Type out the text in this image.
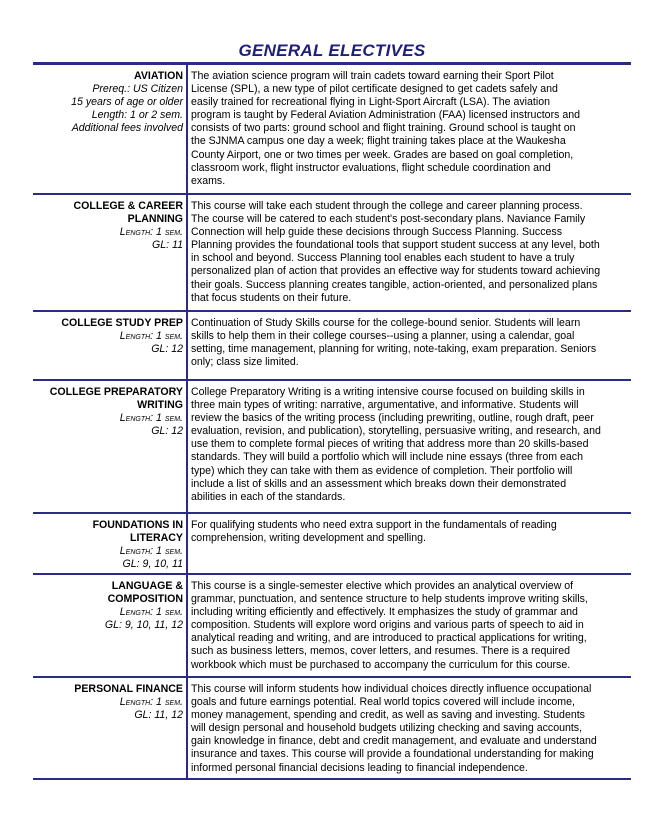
GENERAL ELECTIVES
AVIATION
Prereq.: US Citizen
15 years of age or older
Length: 1 or 2 sem.
Additional fees involved
The aviation science program will train cadets toward earning their Sport Pilot
License (SPL), a new type of pilot certificate designed to get cadets safely and
easily trained for recreational flying in Light-Sport Aircraft (LSA). The aviation
program is taught by Federal Aviation Administration (FAA) licensed instructors and
consists of two parts: ground school and flight training. Ground school is taught on
the SJNMA campus one day a week; flight training takes place at the Waukesha
County Airport, one or two times per week. Grades are based on goal completion,
classroom work, flight instructor evaluations, flight schedule coordination and
exams.
COLLEGE & CAREER
PLANNING
Length: 1 sem.
GL: 11
This course will take each student through the college and career planning process.
The course will be catered to each student's post-secondary plans. Naviance Family
Connection will help guide these decisions through Success Planning. Success
Planning provides the foundational tools that support student success at any level, both
in school and beyond. Success Planning tool enables each student to have a truly
personalized plan of action that provides an effective way for students toward achieving
their goals. Success planning creates tangible, action-oriented, and personalized plans
that focus students on their future.
COLLEGE STUDY PREP
Length: 1 sem.
GL: 12
Continuation of Study Skills course for the college-bound senior. Students will learn
skills to help them in their college courses--using a planner, using a calendar, goal
setting, time management, planning for writing, note-taking, exam preparation. Seniors
only; class size limited.
COLLEGE PREPARATORY
WRITING
Length: 1 sem.
GL: 12
College Preparatory Writing is a writing intensive course focused on building skills in
three main types of writing: narrative, argumentative, and informative. Students will
review the basics of the writing process (including prewriting, outline, rough draft, peer
evaluation, revision, and publication), storytelling, persuasive writing, and research, and
use them to complete formal pieces of writing that address more than 20 skills-based
standards. They will build a portfolio which will include nine essays (three from each
type) which they can take with them as evidence of completion. Their portfolio will
include a list of skills and an assessment which breaks down their demonstrated
abilities in each of the standards.
FOUNDATIONS IN
LITERACY
Length: 1 sem.
GL: 9, 10, 11
For qualifying students who need extra support in the fundamentals of reading
comprehension, writing development and spelling.
LANGUAGE &
COMPOSITION
Length: 1 sem.
GL: 9, 10, 11, 12
This course is a single-semester elective which provides an analytical overview of
grammar, punctuation, and sentence structure to help students improve writing skills,
including writing efficiently and effectively. It emphasizes the study of grammar and
composition. Students will explore word origins and various parts of speech to aid in
analytical reading and writing, and are introduced to practical applications for writing,
such as business letters, memos, cover letters, and resumes. There is a required
workbook which must be purchased to accompany the curriculum for this course.
PERSONAL FINANCE
Length: 1 sem.
GL: 11, 12
This course will inform students how individual choices directly influence occupational
goals and future earnings potential. Real world topics covered will include income,
money management, spending and credit, as well as saving and investing. Students
will design personal and household budgets utilizing checking and saving accounts,
gain knowledge in finance, debt and credit management, and evaluate and understand
insurance and taxes. This course will provide a foundational understanding for making
informed personal financial decisions leading to financial independence.
